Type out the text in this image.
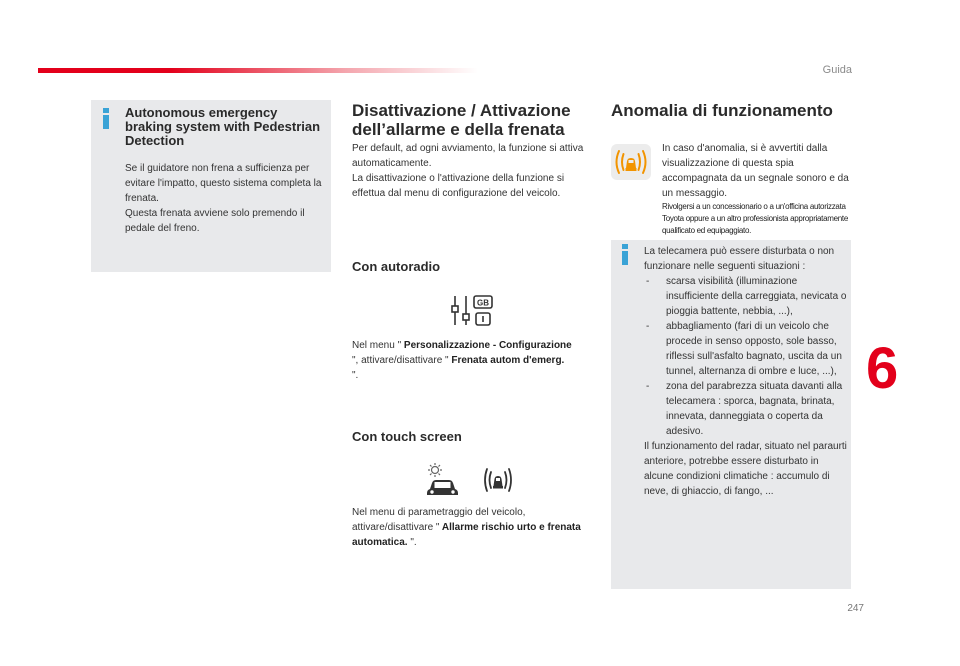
Guida
6
247
Autonomous emergency braking system with Pedestrian Detection
Se il guidatore non frena a sufficienza per evitare l'impatto, questo sistema completa la frenata.
Questa frenata avviene solo premendo il pedale del freno.
Disattivazione / Attivazione dell’allarme e della frenata
Per default, ad ogni avviamento, la funzione si attiva automaticamente.
La disattivazione o l'attivazione della funzione si effettua dal menu di configurazione del veicolo.
Con autoradio
GB
Nel menu " Personalizzazione - Configurazione ", attivare/disattivare " Frenata autom d'emerg. ".
Con touch screen
Nel menu di parametraggio del veicolo, attivare/disattivare " Allarme rischio urto e frenata automatica. ".
Anomalia di funzionamento
In caso d'anomalia, si è avvertiti dalla visualizzazione di questa spia accompagnata da un segnale sonoro e da un messaggio.
Rivolgersi a un concessionario o a un'officina autorizzata Toyota oppure a un altro professionista appropriatamente qualificato ed equipaggiato.
La telecamera può essere disturbata o non funzionare nelle seguenti situazioni :
- scarsa visibilità (illuminazione insufficiente della carreggiata, nevicata o pioggia battente, nebbia, ...),
- abbagliamento (fari di un veicolo che procede in senso opposto, sole basso, riflessi sull'asfalto bagnato, uscita da un tunnel, alternanza di ombre e luce, ...),
- zona del parabrezza situata davanti alla telecamera : sporca, bagnata, brinata, innevata, danneggiata o coperta da adesivo.
Il funzionamento del radar, situato nel paraurti anteriore, potrebbe essere disturbato in alcune condizioni climatiche : accumulo di neve, di ghiaccio, di fango, ...
